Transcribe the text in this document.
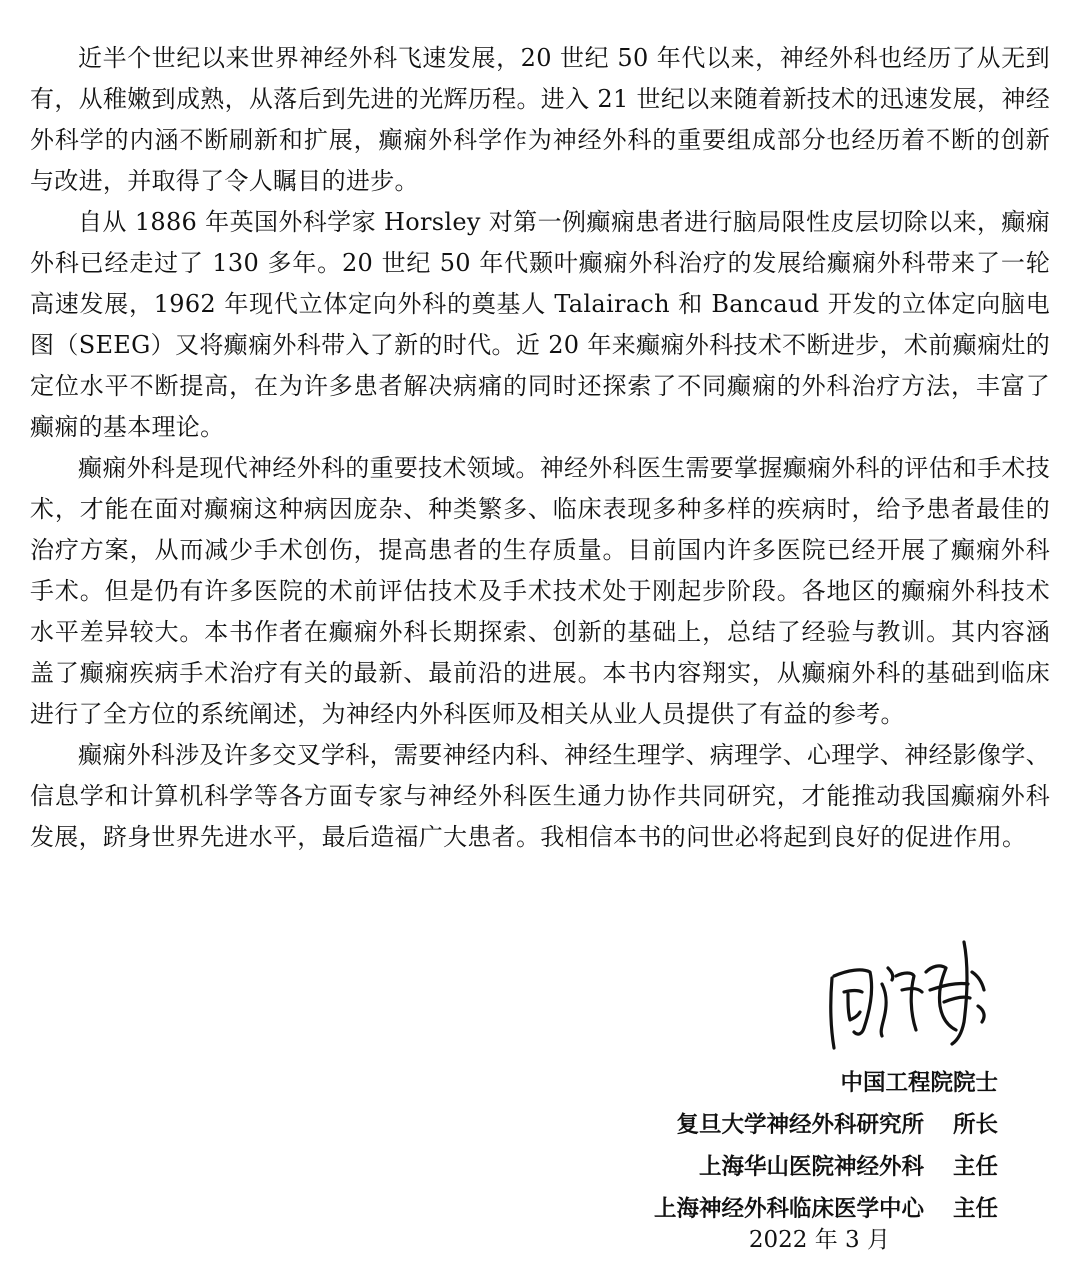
近半个世纪以来世界神经外科飞速发展，20 世纪 50 年代以来，神经外科也经历了从无到有，从稚嫩到成熟，从落后到先进的光辉历程。进入 21 世纪以来随着新技术的迅速发展，神经外科学的内涵不断刷新和扩展，癫痫外科学作为神经外科的重要组成部分也经历着不断的创新与改进，并取得了令人瞩目的进步。

自从 1886 年英国外科学家 Horsley 对第一例癫痫患者进行脑局限性皮层切除以来，癫痫外科已经走过了 130 多年。20 世纪 50 年代颞叶癫痫外科治疗的发展给癫痫外科带来了一轮高速发展，1962 年现代立体定向外科的奠基人 Talairach 和 Bancaud 开发的立体定向脑电图（SEEG）又将癫痫外科带入了新的时代。近 20 年来癫痫外科技术不断进步，术前癫痫灶的定位水平不断提高，在为许多患者解决病痛的同时还探索了不同癫痫的外科治疗方法，丰富了癫痫的基本理论。

癫痫外科是现代神经外科的重要技术领域。神经外科医生需要掌握癫痫外科的评估和手术技术，才能在面对癫痫这种病因庞杂、种类繁多、临床表现多种多样的疾病时，给予患者最佳的治疗方案，从而减少手术创伤，提高患者的生存质量。目前国内许多医院已经开展了癫痫外科手术。但是仍有许多医院的术前评估技术及手术技术处于刚起步阶段。各地区的癫痫外科技术水平差异较大。本书作者在癫痫外科长期探索、创新的基础上，总结了经验与教训。其内容涵盖了癫痫疾病手术治疗有关的最新、最前沿的进展。本书内容翔实，从癫痫外科的基础到临床进行了全方位的系统阐述，为神经内外科医师及相关从业人员提供了有益的参考。

癫痫外科涉及许多交叉学科，需要神经内科、神经生理学、病理学、心理学、神经影像学、信息学和计算机科学等各方面专家与神经外科医生通力协作共同研究，才能推动我国癫痫外科发展，跻身世界先进水平，最后造福广大患者。我相信本书的问世必将起到良好的促进作用。

中国工程院院士
复旦大学神经外科研究所 所长
上海华山医院神经外科 主任
上海神经外科临床医学中心 主任
2022 年 3 月
